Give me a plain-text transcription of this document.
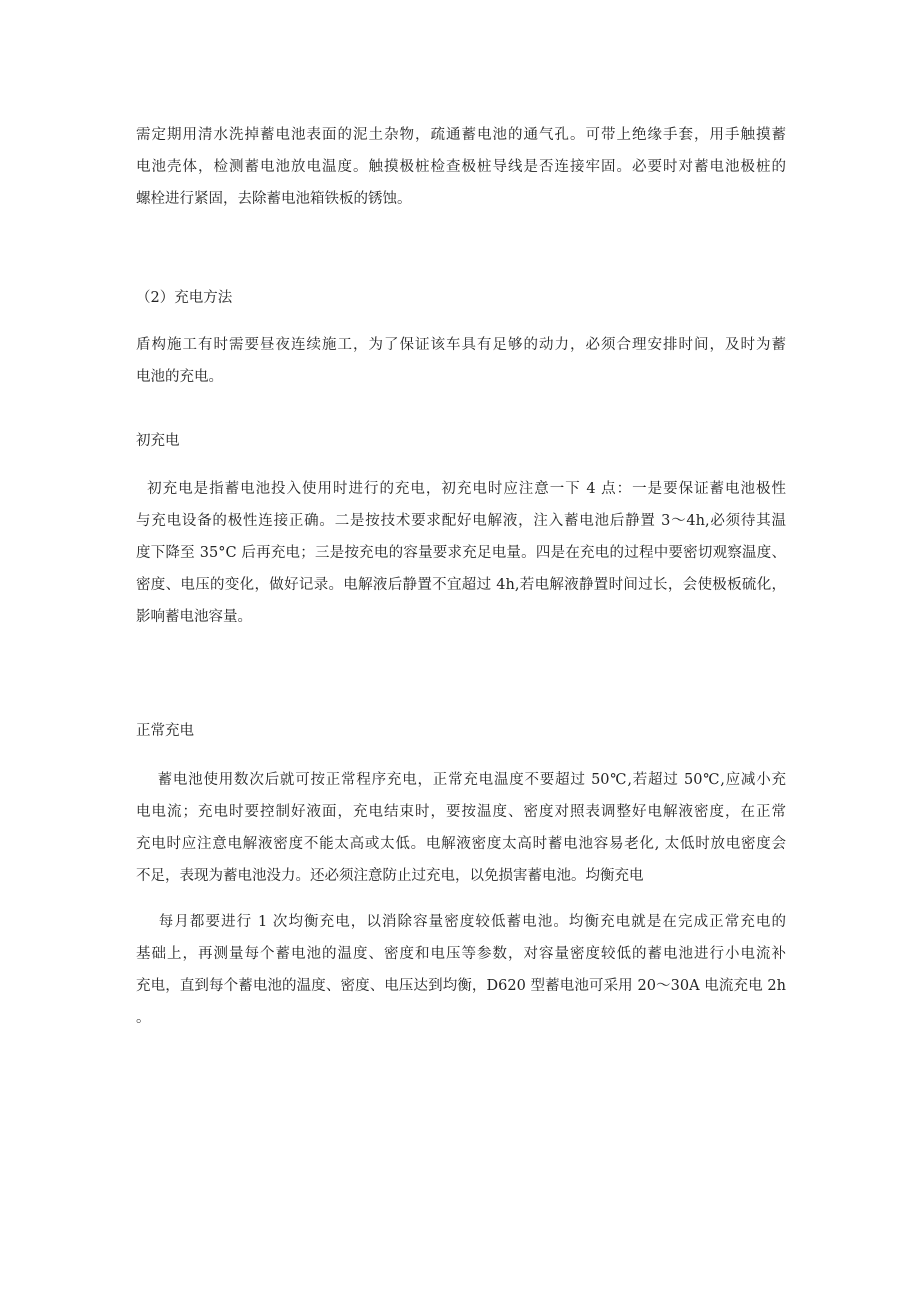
需定期用清水洗掉蓄电池表面的泥土杂物，疏通蓄电池的通气孔。可带上绝缘手套，用手触摸蓄
电池壳体，检测蓄电池放电温度。触摸极桩检查极桩导线是否连接牢固。必要时对蓄电池极桩的
螺栓进行紧固，去除蓄电池箱铁板的锈蚀。

（2）充电方法

盾构施工有时需要昼夜连续施工，为了保证该车具有足够的动力，必须合理安排时间，及时为蓄
电池的充电。

初充电

初充电是指蓄电池投入使用时进行的充电，初充电时应注意一下 4 点：一是要保证蓄电池极性
与充电设备的极性连接正确。二是按技术要求配好电解液，注入蓄电池后静置 3～4h,必须待其温
度下降至 35°C 后再充电；三是按充电的容量要求充足电量。四是在充电的过程中要密切观察温度、
密度、电压的变化，做好记录。电解液后静置不宜超过 4h,若电解液静置时间过长，会使极板硫化，
影响蓄电池容量。

正常充电

蓄电池使用数次后就可按正常程序充电，正常充电温度不要超过 50℃,若超过 50℃,应减小充
电电流；充电时要控制好液面，充电结束时，要按温度、密度对照表调整好电解液密度，在正常
充电时应注意电解液密度不能太高或太低。电解液密度太高时蓄电池容易老化, 太低时放电密度会
不足，表现为蓄电池没力。还必须注意防止过充电，以免损害蓄电池。均衡充电

每月都要进行 1 次均衡充电，以消除容量密度较低蓄电池。均衡充电就是在完成正常充电的
基础上，再测量每个蓄电池的温度、密度和电压等参数，对容量密度较低的蓄电池进行小电流补
充电，直到每个蓄电池的温度、密度、电压达到均衡，D620 型蓄电池可采用 20～30A 电流充电 2h
。
